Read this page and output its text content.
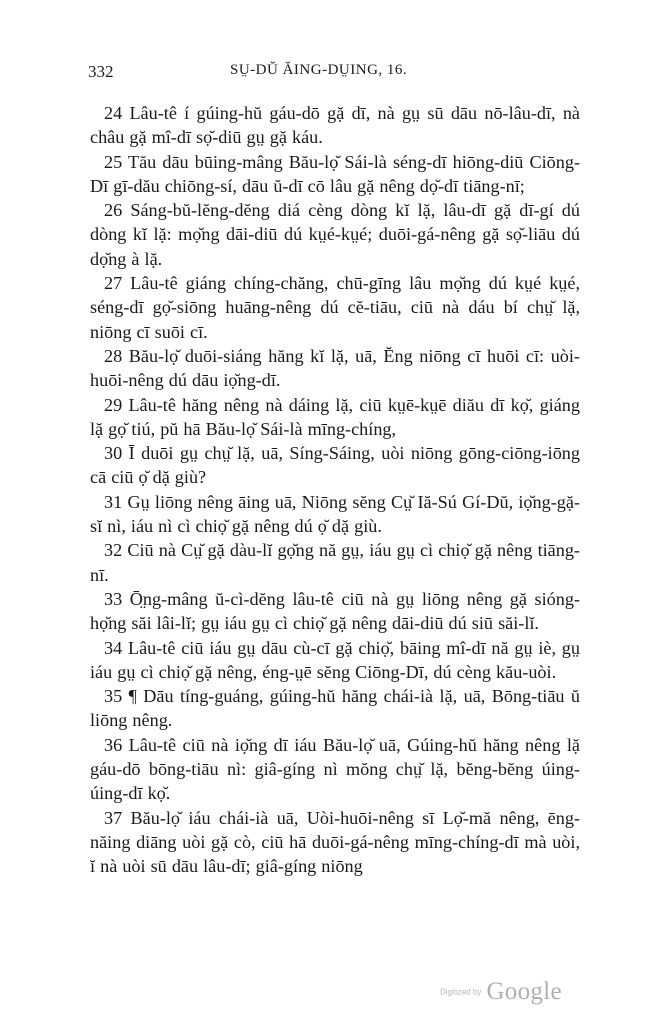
332	SṲ-DŬ ĂING-DṲING, 16.

24 Lâu-tê í gúing-hŭ gáu-dō gặ dī, nà gṳ sū dāu nō-lâu-dī, nà châu gặ mî-dī sọ̆-diū gṳ gặ káu.

25 Tău dāu būing-mâng Bău-lọ̆ Sái-là séng-dī hiōng-diū Ciōng-Dī gī-dău chiōng-sí, dāu ŭ-dī cō lâu gặ nêng dọ̆-dī tiāng-nī;

26 Sáng-bŭ-lĕng-dĕng diá cèng dòng kĭ lặ, lâu-dī gặ dī-gí dú dòng kĭ lặ: mọ̆ng dāi-diū dú kṳé-kṳé; duōi-gá-nêng gặ sọ̆-liāu dú dọ̆ng à lặ.

27 Lâu-tê giáng chíng-chăng, chū-gīng lâu mọ̆ng dú kṳé kṳé, séng-dī gọ̆-siōng huāng-nêng dú cĕ-tiāu, ciū nà dáu bí chṳ̆ lặ, niōng cī suōi cī.

28 Bău-lọ̆ duōi-siáng hăng kĭ lặ, uā, Ĕng niōng cī huōi cī: uòi-huōi-nêng dú dāu iọ̆ng-dī.

29 Lâu-tê hăng nêng nà dáing lặ, ciū kṳē-kṳē diău dī kọ̆, giáng lặ gọ̆ tiú, pŭ hā Bău-lọ̆ Sái-là mīng-chíng,

30 Ī duōi gṳ chṳ̆ lặ, uā, Síng-Sáing, uòi niōng gōng-ciōng-iōng cā ciū ọ̆ dặ giù?

31 Gṳ liōng nêng āing uā, Niōng sĕng Cṳ̆ Iă-Sú Gí-Dŭ, iọ̆ng-gặ-sĭ nì, iáu nì cì chiọ̆ gặ nêng dú ọ̆ dặ giù.

32 Ciū nà Cṳ̆ gặ dàu-lĭ gọ̆ng nă gṳ, iáu gṳ cì chiọ̆ gặ nêng tiāng-nī.

33 Ō̤ng-mâng ŭ-cì-dĕng lâu-tê ciū nà gṳ liōng nêng gặ sióng-họ̆ng săi lâi-lĭ; gṳ iáu gṳ cì chiọ̆ gặ nêng dāi-diū dú siū săi-lĭ.

34 Lâu-tê ciū iáu gṳ dāu cù-cī gặ chiọ̆, bāing mî-dī nă gṳ iè, gṳ iáu gṳ cì chiọ̆ gặ nêng, éng-ṳē sĕng Ciōng-Dī, dú cèng kău-uòi.

35 ¶ Dāu tíng-guáng, gúing-hŭ hăng chái-ià lặ, uā, Bōng-tiāu ŭ liōng nêng.

36 Lâu-tê ciū nà iọ̆ng dī iáu Bău-lọ̆ uā, Gúing-hŭ hăng nêng lặ gáu-dō bōng-tiāu nì: giâ-gíng nì mŏng chṳ̆ lặ, bĕng-bĕng úing-úing-dī kọ̆.

37 Bău-lọ̆ iáu chái-ià uā, Uòi-huōi-nêng sī Lọ̆-mă nêng, ēng-năing diāng uòi gặ cò, ciū hā duōi-gá-nêng mīng-chíng-dī mà uòi, ĭ nà uòi sū dāu lâu-dī; giâ-gíng niōng

Digitized by Google
